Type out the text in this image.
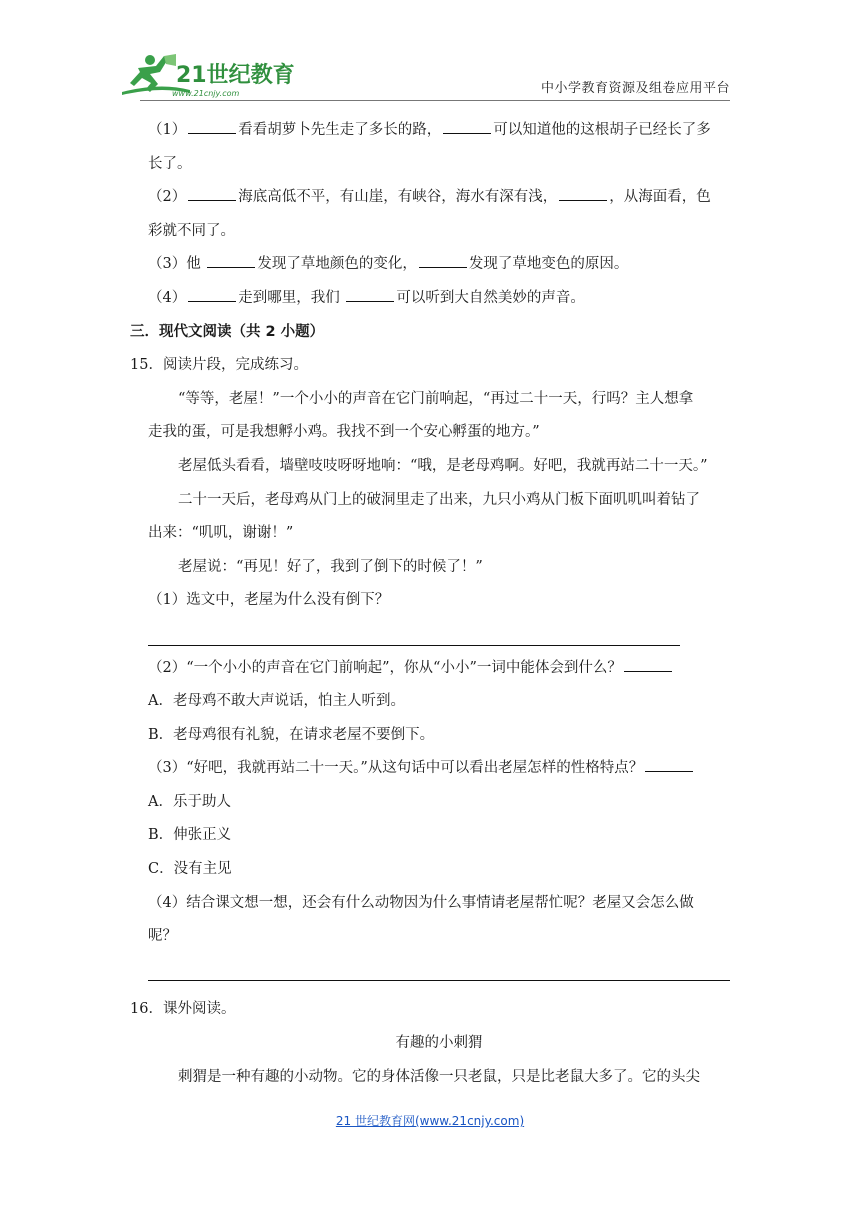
21世纪教育
www.21cnjy.com	中小学教育资源及组卷应用平台
（1）	看看胡萝卜先生走了多长的路，	可以知道他的这根胡子已经长了多
长了。
（2）	海底高低不平，有山崖，有峡谷，海水有深有浅，	，从海面看，色
彩就不同了。
（3）他	发现了草地颜色的变化，	发现了草地变色的原因。
（4）	走到哪里，我们	可以听到大自然美妙的声音。
三．现代文阅读（共 2 小题）
15．阅读片段，完成练习。
“等等，老屋！”一个小小的声音在它门前响起，“再过二十一天，行吗？主人想拿
走我的蛋，可是我想孵小鸡。我找不到一个安心孵蛋的地方。”
老屋低头看看，墙壁吱吱呀呀地响：“哦，是老母鸡啊。好吧，我就再站二十一天。”
二十一天后，老母鸡从门上的破洞里走了出来，九只小鸡从门板下面叽叽叫着钻了
出来：“叽叽，谢谢！”
老屋说：“再见！好了，我到了倒下的时候了！”
（1）选文中，老屋为什么没有倒下？
（2）“一个小小的声音在它门前响起”，你从“小小”一词中能体会到什么？
A．老母鸡不敢大声说话，怕主人听到。
B．老母鸡很有礼貌，在请求老屋不要倒下。
（3）“好吧，我就再站二十一天。”从这句话中可以看出老屋怎样的性格特点？
A．乐于助人
B．伸张正义
C．没有主见
（4）结合课文想一想，还会有什么动物因为什么事情请老屋帮忙呢？老屋又会怎么做
呢？
16．课外阅读。
有趣的小刺猬
刺猬是一种有趣的小动物。它的身体活像一只老鼠，只是比老鼠大多了。它的头尖
21 世纪教育网(www.21cnjy.com)
